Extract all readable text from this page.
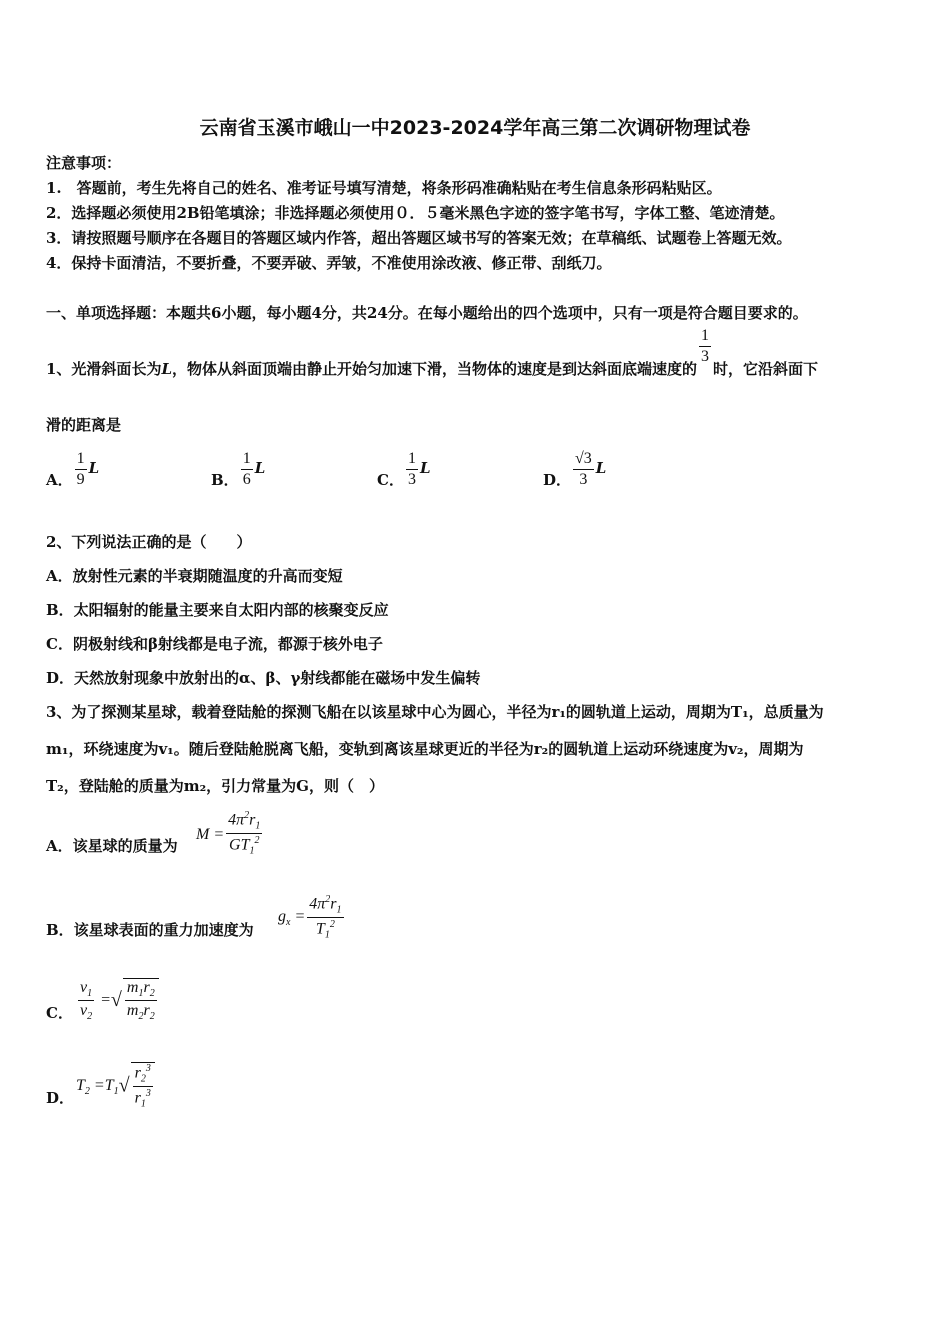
云南省玉溪市峨山一中2023-2024学年高三第二次调研物理试卷
注意事项：
1.　答题前，考生先将自己的姓名、准考证号填写清楚，将条形码准确粘贴在考生信息条形码粘贴区。
2．选择题必须使用2B铅笔填涂；非选择题必须使用０．５毫米黑色字迹的签字笔书写，字体工整、笔迹清楚。
3．请按照题号顺序在各题目的答题区域内作答，超出答题区域书写的答案无效；在草稿纸、试题卷上答题无效。
4．保持卡面清洁，不要折叠，不要弄破、弄皱，不准使用涂改液、修正带、刮纸刀。
一、单项选择题：本题共6小题，每小题4分，共24分。在每小题给出的四个选项中，只有一项是符合题目要求的。
1、光滑斜面长为L，物体从斜面顶端由静止开始匀加速下滑，当物体的速度是到达斜面底端速度的
$\frac{1}{3}$
时，它沿斜面下
滑的距离是
A． $\frac{1}{9}$ L
B． $\frac{1}{6}$ L
C． $\frac{1}{3}$ L
D． $\frac{√3}{3}$ L
2、下列说法正确的是（　　）
A．放射性元素的半衰期随温度的升高而变短
B．太阳辐射的能量主要来自太阳内部的核聚变反应
C．阴极射线和β射线都是电子流，都源于核外电子
D．天然放射现象中放射出的α、β、γ射线都能在磁场中发生偏转
3、为了探测某星球，载着登陆舱的探测飞船在以该星球中心为圆心，半径为r₁的圆轨道上运动，周期为T₁，总质量为
m₁，环绕速度为v₁。随后登陆舱脱离飞船，变轨到离该星球更近的半径为r₂的圆轨道上运动环绕速度为v₂，周期为
T₂，登陆舱的质量为m₂，引力常量为G，则（　）
A．该星球的质量为
$M = \frac{4\pi^2r_1}{GT_1^2}$
B．该星球表面的重力加速度为
$g_x = \frac{4\pi^2r_1}{T_1^2}$
C． $\frac{v_1}{v_2}$ =√ $\frac{m_1r_2}{m_2r_2}$
D．
$T_2 =T_1√ \frac{r_2^3}{r_1^3}$
